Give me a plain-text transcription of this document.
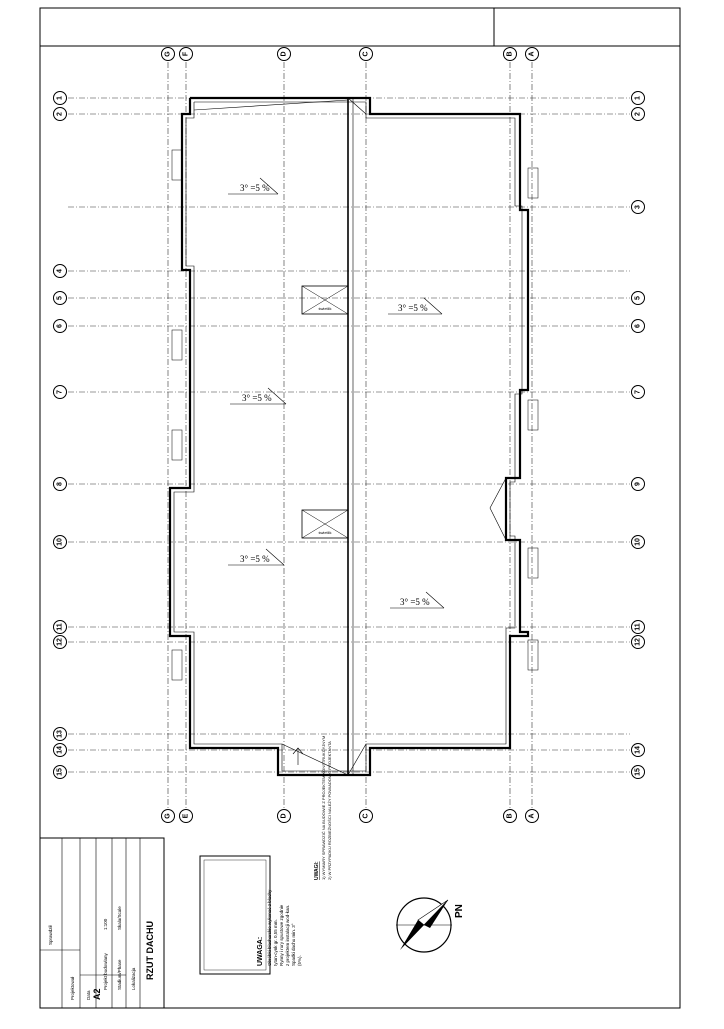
G F	D	C	B A
G E	D	C	B A
1
2
4
5
6
7
8
10
11
12
13
14
15
1
2
3
5
6
7
9
10
11
12
14
15
świetlik
świetlik
3° =5 %
3° =5 %
3° =5 %
3° =5 %
3° =5 %
UWAGI: 1) WYMIARY SPRAWDZIĆ NA BUDOWIE Z PROJEKTEM KONSTRUKCYJNYM 2) W PRZYPADKU ROZBIEŻNOŚCI NALEŻY POWIADOMIĆ PROJEKTANTA
UWAGA: Obróbki blacharskie wykonać z blachy tytan-cynk gr. 0,55 mm. Rynny i rury spustowe zgodnie z projektem instalacji wod-kan. Spadki dachu min. 3° (5%).
PN
RZUT DACHU
Lokalizacja
Stadium/Phase
Skala/Scale
Projekt budowlany
1:100
A2
Projektował Data
Sprawdził
